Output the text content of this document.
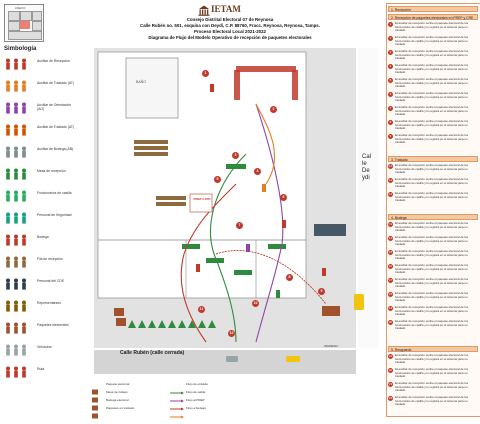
ANEXO
Simbología
Auxiliar de Recepción
Auxiliar de Traslado (AT)
Auxiliar de Orientación (AO)
Auxiliar de Traslado (AT)
Auxiliar de Bodega (AB)
Mesa de recepción
Funcionarios de casilla
Personal de Seguridad
Bodega
Fila de recepción
Personal del CDE
Representantes
Paquetes electorales
Vehículos
Ruta
IETAM
Consejo Distrital Electoral 07 de Reynosa
Calle Rubén no. 501, esquina con Deydi, C.P. 88760, Fracc. Reynosa, Reynosa, Tamps.
Proceso Electoral Local 2021-2022
Diagrama de Flujo del Modelo Operativo de recepción de paquetes electorales
BAÑO
PREP CATD
Calle Deydi
Calle Rubén (calle cerrada)
INGRESO
BODEGA
1
2
3
4
5
6
7
8
9
10
11
12
Paquete electoral
Mesa de trabajo
Bodega electoral
Paquetes en traslado
Flujo de entrada
Flujo de salida
Flujo al PREP
Flujo a bodega
1. Recepción
2. Recepción de paquetes electorales en PREP y CRE
1	El auxiliar de recepción recibe el paquete electoral de los funcionarios de casilla y lo registra en el sistema para su traslado.
2	El auxiliar de recepción recibe el paquete electoral de los funcionarios de casilla y lo registra en el sistema para su traslado.
3	El auxiliar de recepción recibe el paquete electoral de los funcionarios de casilla y lo registra en el sistema para su traslado.
4	El auxiliar de recepción recibe el paquete electoral de los funcionarios de casilla y lo registra en el sistema para su traslado.
5	El auxiliar de recepción recibe el paquete electoral de los funcionarios de casilla y lo registra en el sistema para su traslado.
6	El auxiliar de recepción recibe el paquete electoral de los funcionarios de casilla y lo registra en el sistema para su traslado.
7	El auxiliar de recepción recibe el paquete electoral de los funcionarios de casilla y lo registra en el sistema para su traslado.
8	El auxiliar de recepción recibe el paquete electoral de los funcionarios de casilla y lo registra en el sistema para su traslado.
9	El auxiliar de recepción recibe el paquete electoral de los funcionarios de casilla y lo registra en el sistema para su traslado.
3. Traslado
10 El auxiliar de recepción recibe el paquete electoral de los funcionarios de casilla y lo registra en el sistema para su traslado.
11	El auxiliar de recepción recibe el paquete electoral de los funcionarios de casilla y lo registra en el sistema para su traslado.
12 El auxiliar de recepción recibe el paquete electoral de los funcionarios de casilla y lo registra en el sistema para su traslado.
4. Bodega
13 El auxiliar de recepción recibe el paquete electoral de los funcionarios de casilla y lo registra en el sistema para su traslado.
14 El auxiliar de recepción recibe el paquete electoral de los funcionarios de casilla y lo registra en el sistema para su traslado.
15 El auxiliar de recepción recibe el paquete electoral de los funcionarios de casilla y lo registra en el sistema para su traslado.
16 El auxiliar de recepción recibe el paquete electoral de los funcionarios de casilla y lo registra en el sistema para su traslado.
17 El auxiliar de recepción recibe el paquete electoral de los funcionarios de casilla y lo registra en el sistema para su traslado.
18 El auxiliar de recepción recibe el paquete electoral de los funcionarios de casilla y lo registra en el sistema para su traslado.
19 El auxiliar de recepción recibe el paquete electoral de los funcionarios de casilla y lo registra en el sistema para su traslado.
20 El auxiliar de recepción recibe el paquete electoral de los funcionarios de casilla y lo registra en el sistema para su traslado.
5. Resguardo
21 El auxiliar de recepción recibe el paquete electoral de los funcionarios de casilla y lo registra en el sistema para su traslado.
22 El auxiliar de recepción recibe el paquete electoral de los funcionarios de casilla y lo registra en el sistema para su traslado.
23 El auxiliar de recepción recibe el paquete electoral de los funcionarios de casilla y lo registra en el sistema para su traslado.
24 El auxiliar de recepción recibe el paquete electoral de los funcionarios de casilla y lo registra en el sistema para su traslado.
